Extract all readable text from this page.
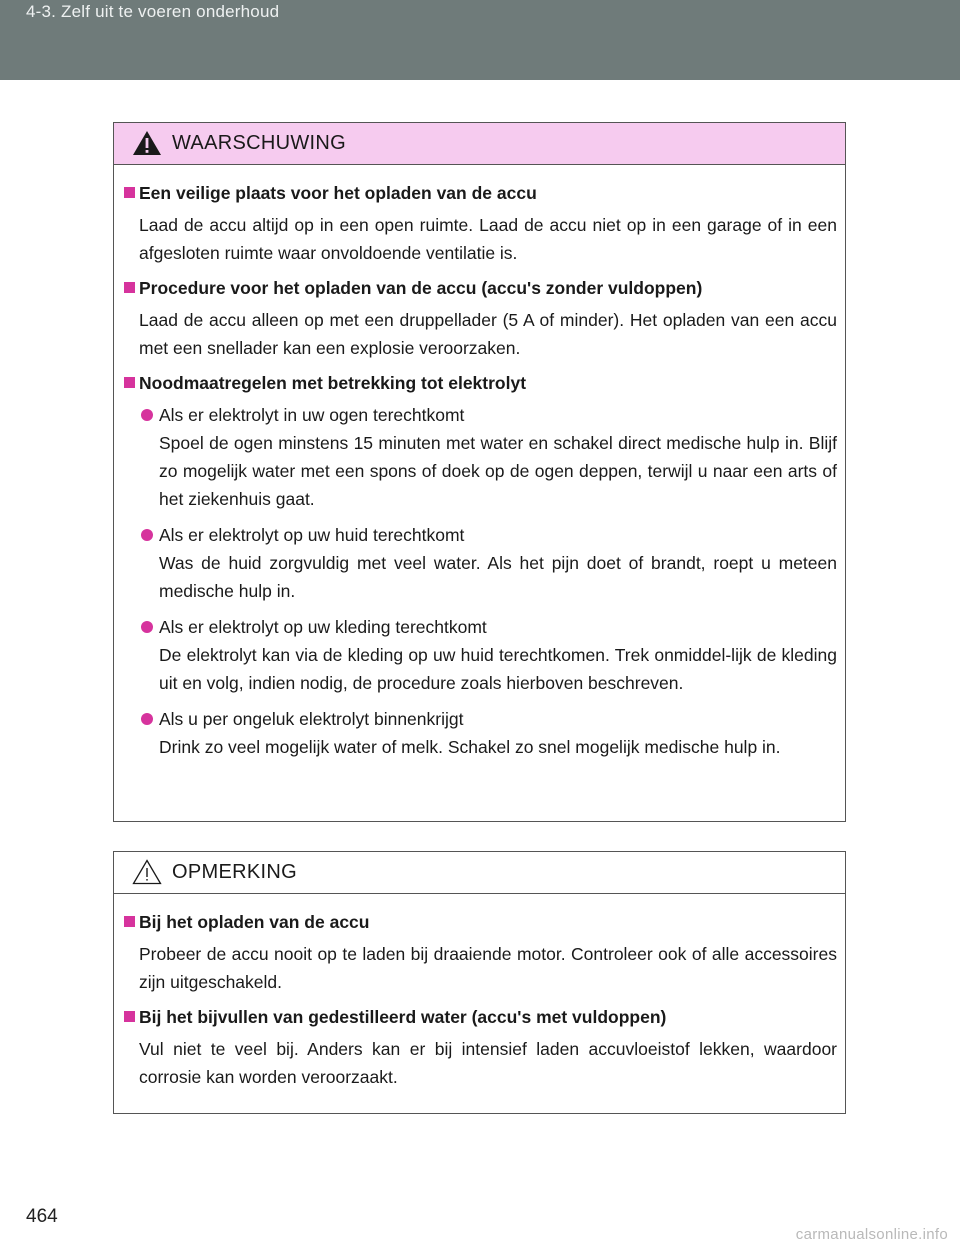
4-3. Zelf uit te voeren onderhoud
WAARSCHUWING
Een veilige plaats voor het opladen van de accu
Laad de accu altijd op in een open ruimte. Laad de accu niet op in een garage of in een afgesloten ruimte waar onvoldoende ventilatie is.
Procedure voor het opladen van de accu (accu's zonder vuldoppen)
Laad de accu alleen op met een druppellader (5 A of minder). Het opladen van een accu met een snellader kan een explosie veroorzaken.
Noodmaatregelen met betrekking tot elektrolyt
Als er elektrolyt in uw ogen terechtkomt
Spoel de ogen minstens 15 minuten met water en schakel direct medische hulp in. Blijf zo mogelijk water met een spons of doek op de ogen deppen, terwijl u naar een arts of het ziekenhuis gaat.
Als er elektrolyt op uw huid terechtkomt
Was de huid zorgvuldig met veel water. Als het pijn doet of brandt, roept u meteen medische hulp in.
Als er elektrolyt op uw kleding terechtkomt
De elektrolyt kan via de kleding op uw huid terechtkomen. Trek onmiddel-lijk de kleding uit en volg, indien nodig, de procedure zoals hierboven beschreven.
Als u per ongeluk elektrolyt binnenkrijgt
Drink zo veel mogelijk water of melk. Schakel zo snel mogelijk medische hulp in.
OPMERKING
Bij het opladen van de accu
Probeer de accu nooit op te laden bij draaiende motor. Controleer ook of alle accessoires zijn uitgeschakeld.
Bij het bijvullen van gedestilleerd water (accu's met vuldoppen)
Vul niet te veel bij. Anders kan er bij intensief laden accuvloeistof lekken, waardoor corrosie kan worden veroorzaakt.
464
carmanualsonline.info
